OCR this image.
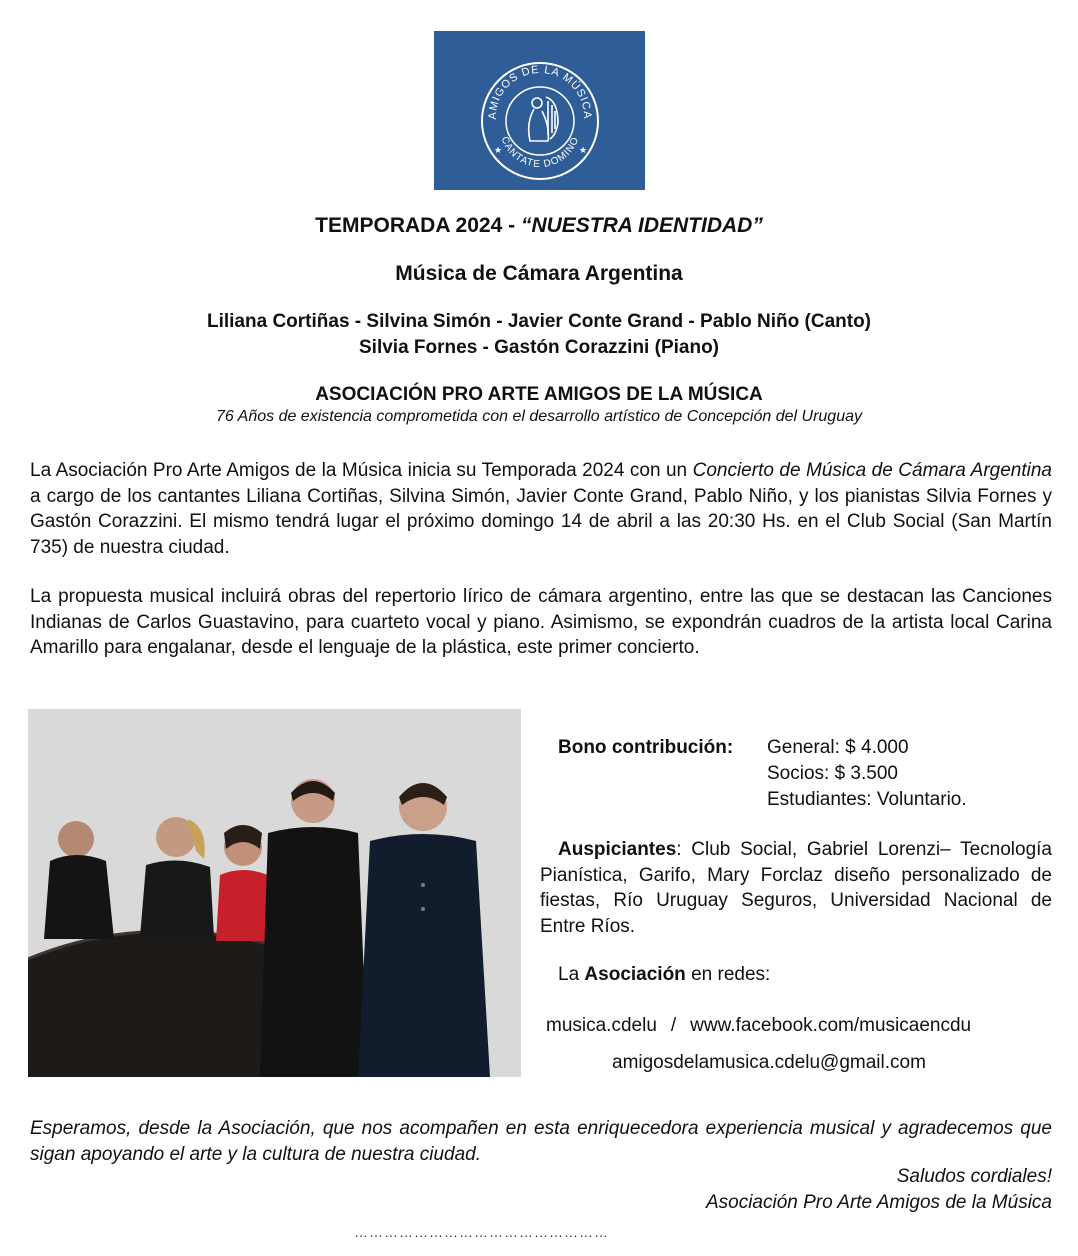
AMIGOS DE LA MÚSICA
CANTATE DOMINO
★	★
TEMPORADA 2024 - “NUESTRA IDENTIDAD”
Música de Cámara Argentina
Liliana Cortiñas - Silvina Simón - Javier Conte Grand - Pablo Niño (Canto)
Silvia Fornes - Gastón Corazzini (Piano)
ASOCIACIÓN PRO ARTE AMIGOS DE LA MÚSICA
76 Años de existencia comprometida con el desarrollo artístico de Concepción del Uruguay
La Asociación Pro Arte Amigos de la Música inicia su Temporada 2024 con un Concierto de Música de Cámara Argentina a cargo de los cantantes Liliana Cortiñas, Silvina Simón, Javier Conte Grand, Pablo Niño, y los pianistas Silvia Fornes y Gastón Corazzini. El mismo tendrá lugar el próximo domingo 14 de abril a las 20:30 Hs. en el Club Social (San Martín 735) de nuestra ciudad.
La propuesta musical incluirá obras del repertorio lírico de cámara argentino, entre las que se destacan las Canciones Indianas de Carlos Guastavino, para cuarteto vocal y piano. Asimismo, se expondrán cuadros de la artista local Carina Amarillo para engalanar, desde el lenguaje de la plástica, este primer concierto.
Bono contribución: General: $ 4.000
Socios: $ 3.500
Estudiantes: Voluntario.
Auspiciantes: Club Social, Gabriel Lorenzi– Tecnología Pianística, Garifo, Mary Forclaz diseño personalizado de fiestas, Río Uruguay Seguros, Universidad Nacional de Entre Ríos.
La Asociación en redes:
musica.cdelu / www.facebook.com/musicaencdu
amigosdelamusica.cdelu@gmail.com
Esperamos, desde la Asociación, que nos acompañen en esta enriquecedora experiencia musical y agradecemos que sigan apoyando el arte y la cultura de nuestra ciudad.
Saludos cordiales!
Asociación Pro Arte Amigos de la Música
……………………………………………
